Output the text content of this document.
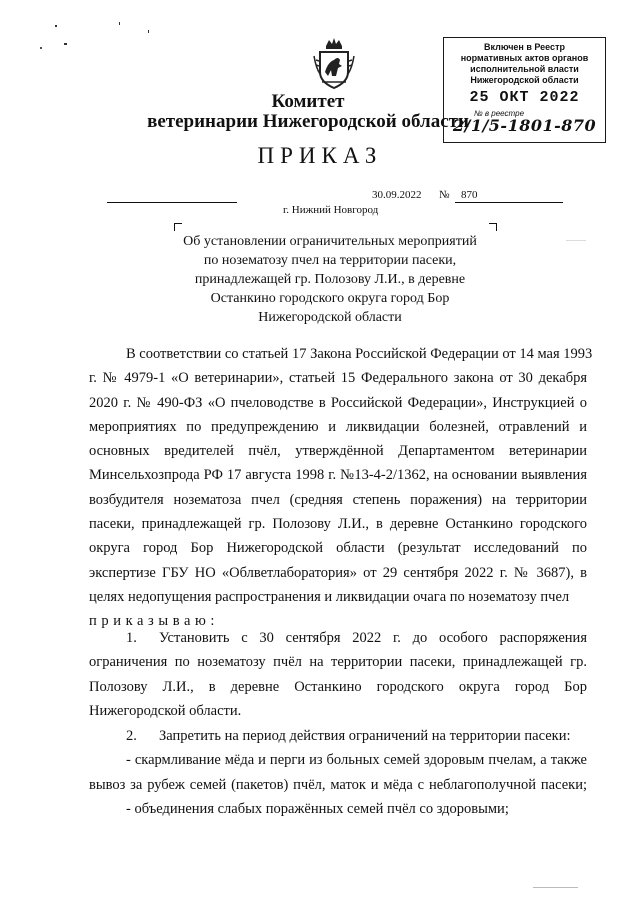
Комитет
ветеринарии Нижегородской области
Включен в Реестр
нормативных актов органов
исполнительной власти
Нижегородской области
25 ОКТ 2022
№ в реестре
2/1/5-1801-870
ПРИКАЗ
30.09.2022 № 870
г. Нижний Новгород
Об установлении ограничительных мероприятий
по нозематозу пчел на территории пасеки,
принадлежащей гр. Полозову Л.И., в деревне
Останкино городского округа город Бор
Нижегородской области
В соответствии со статьей 17 Закона Российской Федерации от 14 мая 1993
г. № 4979-1 «О ветеринарии», статьей 15 Федерального закона от 30 декабря
2020 г. № 490-ФЗ «О пчеловодстве в Российской Федерации», Инструкцией о
мероприятиях по предупреждению и ликвидации болезней, отравлений и
основных вредителей пчёл, утверждённой Департаментом ветеринарии
Минсельхозпрода РФ 17 августа 1998 г. №13-4-2/1362, на основании выявления
возбудителя нозематоза пчел (средняя степень поражения) на территории
пасеки, принадлежащей гр. Полозову Л.И., в деревне Останкино городского
округа город Бор Нижегородской области (результат исследований по
экспертизе ГБУ НО «Облветлаборатория» от 29 сентября 2022 г. № 3687), в
целях недопущения распространения и ликвидации очага по нозематозу пчел
приказываю:
1.	Установить с 30 сентября 2022 г. до особого распоряжения
ограничения по нозематозу пчёл на территории пасеки, принадлежащей гр.
Полозову Л.И., в деревне Останкино городского округа город Бор
Нижегородской области.
2. Запретить на период действия ограничений на территории пасеки:
- скармливание мёда и перги из больных семей здоровым пчелам, а также
вывоз за рубеж семей (пакетов) пчёл, маток и мёда с неблагополучной пасеки;
- объединения слабых поражённых семей пчёл со здоровыми;
